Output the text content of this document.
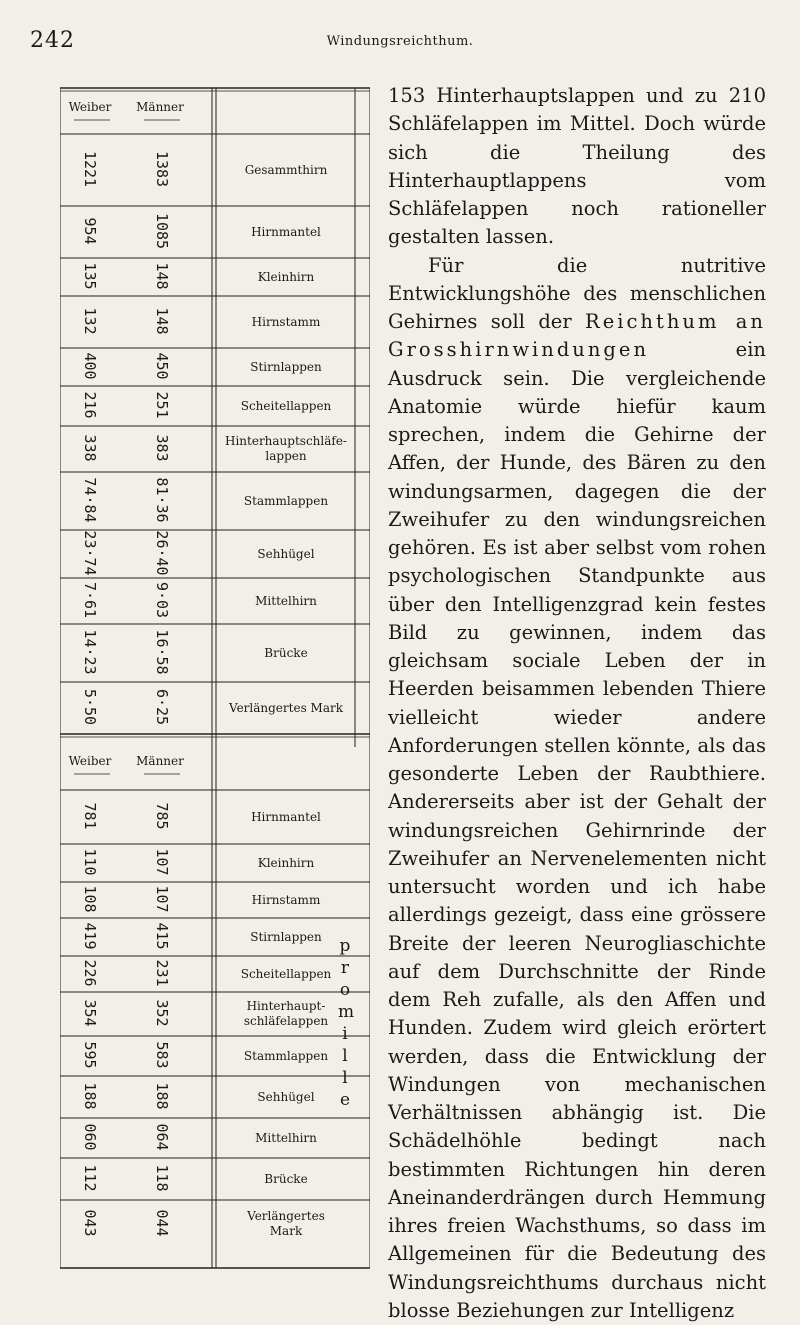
242	Windungsreichthum.
Weiber	Männer
1221	1383	Gesammthirn
954	1085	Hirnmantel
135	148	Kleinhirn
132	148	Hirnstamm
400	450	Stirnlappen
216	251	Scheitellappen
338	383	Hinterhauptschläfe-
lappen
74·84	81·36	Stammlappen
23·74	26·40	Sehhügel
7·61	9·03	Mittelhirn
14·23	16·58	Brücke
5·50	6·25	Verlängertes Mark
Weiber	Männer
781	785	Hirnmantel
110	107	Kleinhirn
108	107	Hirnstamm
419	415	Stirnlappen
226	231	Scheitellappen
354	352	Hinterhaupt-
schläfelappen
595	583	Stammlappen
188	188	Sehhügel
060	064	Mittelhirn
112	118	Brücke
043	044	Verlängertes
Mark
p
r
o
m
i
l
l
e

153 Hinterhauptslappen und zu 210 Schläfelappen im Mittel. Doch würde sich die Theilung des Hinterhauptlappens vom Schläfelappen noch rationeller gestalten lassen.

Für die nutritive Entwicklungshöhe des menschlichen Gehirnes soll der Reichthum an Grosshirnwindungen ein Ausdruck sein. Die vergleichende Anatomie würde hiefür kaum sprechen, indem die Gehirne der Affen, der Hunde, des Bären zu den windungsarmen, dagegen die der Zweihufer zu den windungsreichen gehören. Es ist aber selbst vom rohen psychologischen Standpunkte aus über den Intelligenzgrad kein festes Bild zu gewinnen, indem das gleichsam sociale Leben der in Heerden beisammen lebenden Thiere vielleicht wieder andere Anforderungen stellen könnte, als das gesonderte Leben der Raubthiere. Andererseits aber ist der Gehalt der windungsreichen Gehirnrinde der Zweihufer an Nervenelementen nicht untersucht worden und ich habe allerdings gezeigt, dass eine grössere Breite der leeren Neurogliaschichte auf dem Durchschnitte der Rinde dem Reh zufalle, als den Affen und Hunden. Zudem wird gleich erörtert werden, dass die Entwicklung der Windungen von mechanischen Verhältnissen abhängig ist. Die Schädelhöhle bedingt nach bestimmten Richtungen hin deren Aneinanderdrängen durch Hemmung ihres freien Wachsthums, so dass im Allgemeinen für die Bedeutung des Windungsreichthums durchaus nicht blosse Beziehungen zur Intelligenz
